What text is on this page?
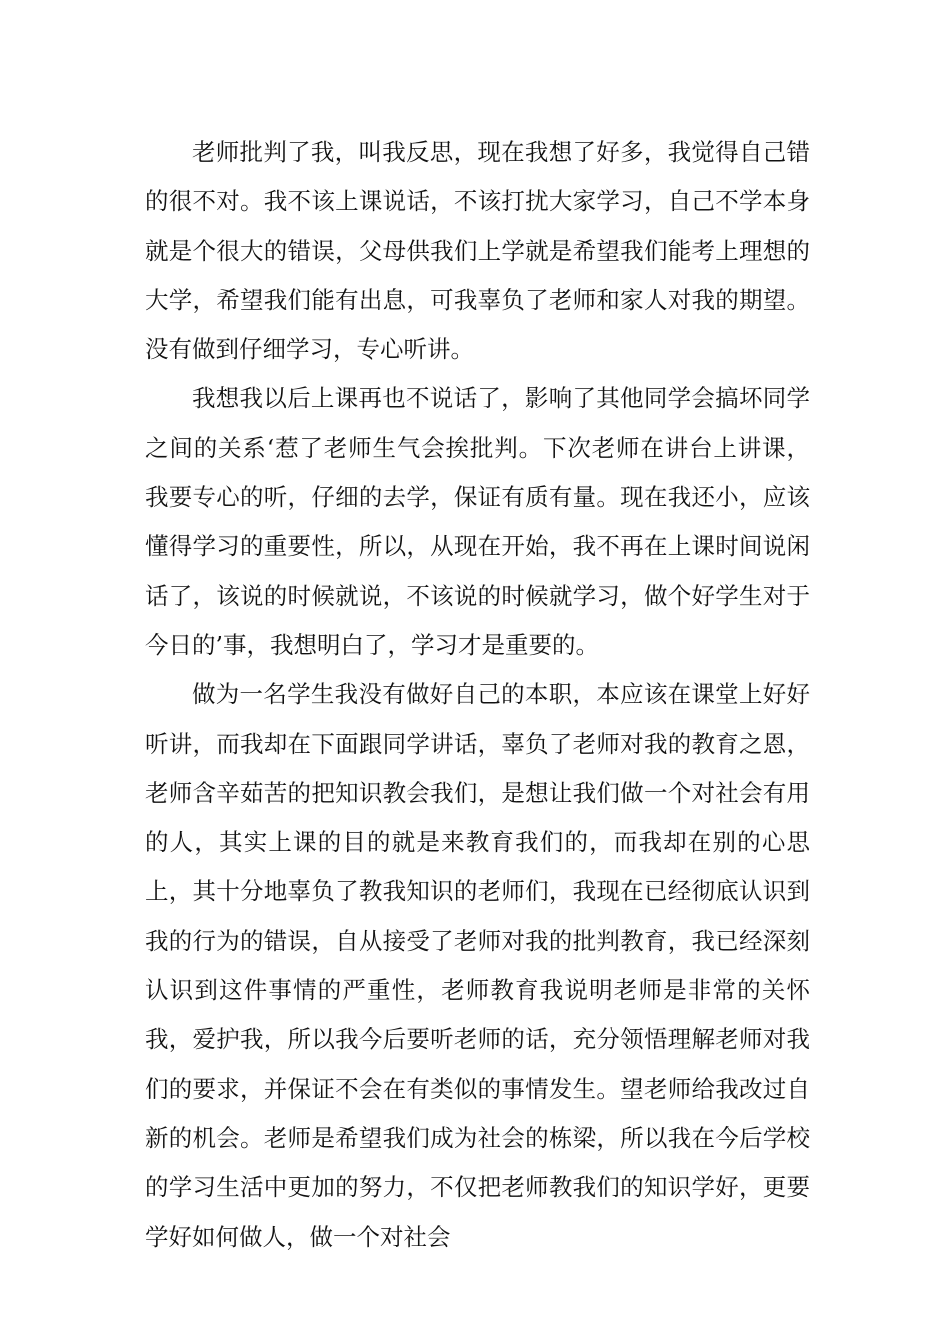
老师批判了我，叫我反思，现在我想了好多，我觉得自己错的很不对。我不该上课说话，不该打扰大家学习，自己不学本身就是个很大的错误，父母供我们上学就是希望我们能考上理想的大学，希望我们能有出息，可我辜负了老师和家人对我的期望。没有做到仔细学习，专心听讲。

我想我以后上课再也不说话了，影响了其他同学会搞坏同学之间的关系‘惹了老师生气会挨批判。下次老师在讲台上讲课，我要专心的听，仔细的去学，保证有质有量。现在我还小，应该懂得学习的重要性，所以，从现在开始，我不再在上课时间说闲话了，该说的时候就说，不该说的时候就学习，做个好学生对于今日的’事，我想明白了，学习才是重要的。

做为一名学生我没有做好自己的本职，本应该在课堂上好好听讲，而我却在下面跟同学讲话，辜负了老师对我的教育之恩，老师含辛茹苦的把知识教会我们，是想让我们做一个对社会有用的人，其实上课的目的就是来教育我们的，而我却在别的心思上，其十分地辜负了教我知识的老师们，我现在已经彻底认识到我的行为的错误，自从接受了老师对我的批判教育，我已经深刻认识到这件事情的严重性，老师教育我说明老师是非常的关怀我，爱护我，所以我今后要听老师的话，充分领悟理解老师对我们的要求，并保证不会在有类似的事情发生。望老师给我改过自新的机会。老师是希望我们成为社会的栋梁，所以我在今后学校的学习生活中更加的努力，不仅把老师教我们的知识学好，更要学好如何做人，做一个对社会
